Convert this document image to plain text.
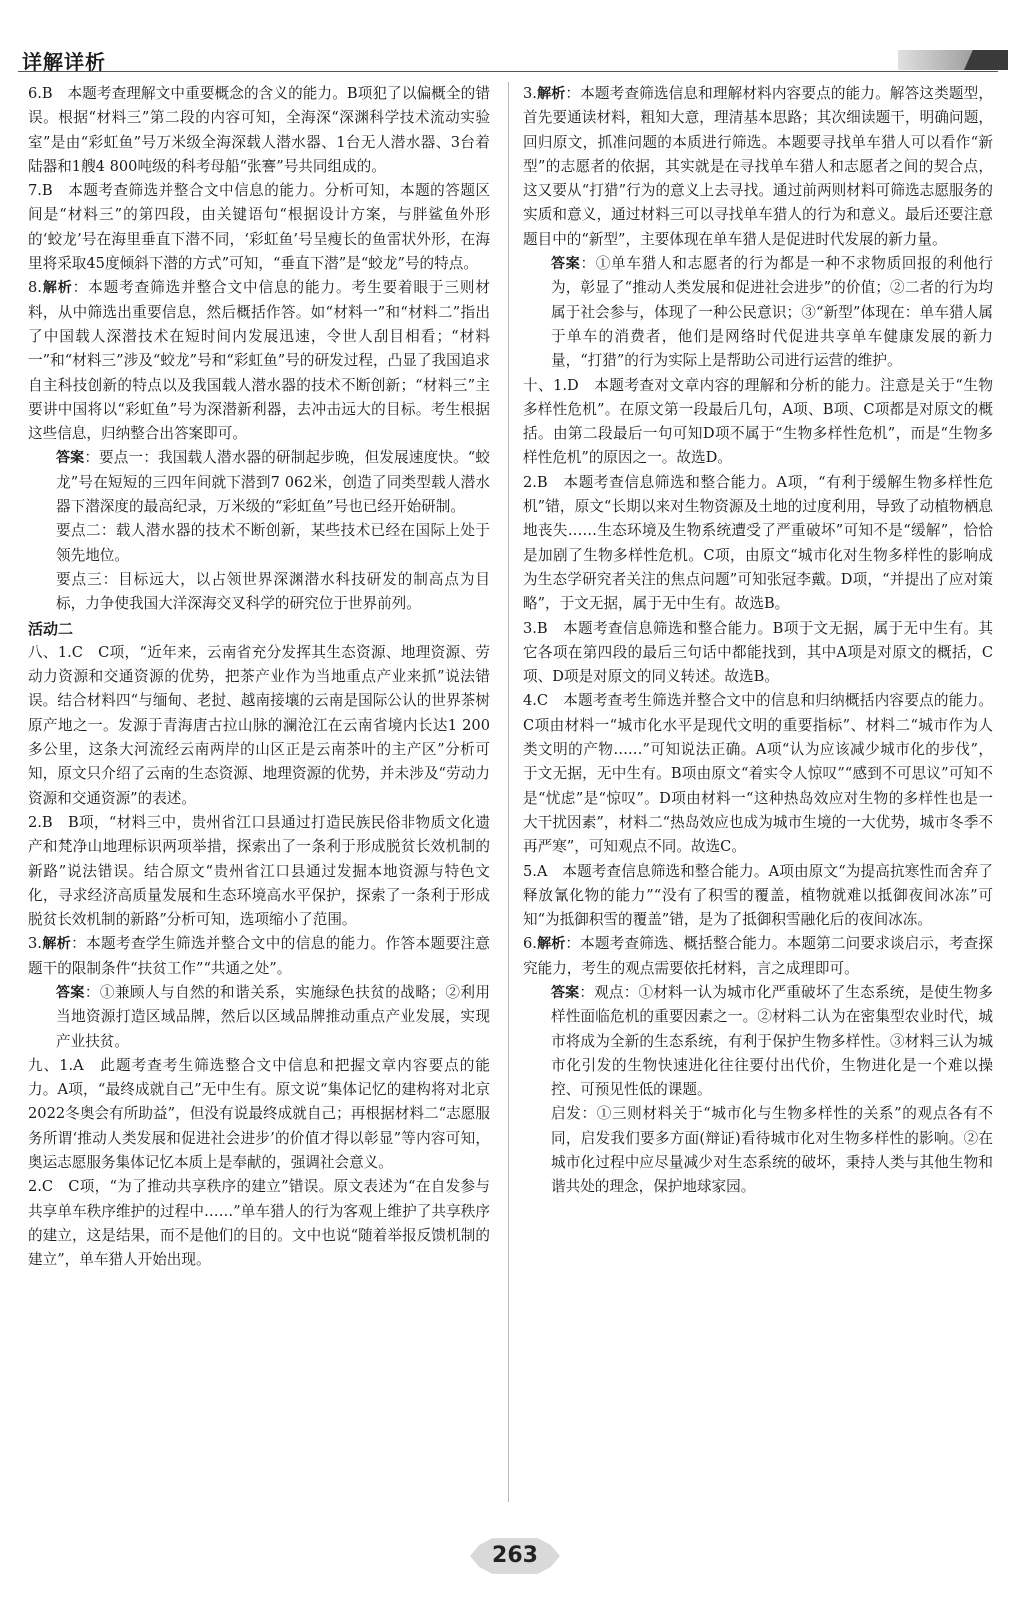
详解详析

6.B　本题考查理解文中重要概念的含义的能力。B项犯了以偏概全的错误。根据“材料三”第二段的内容可知，全海深“深渊科学技术流动实验室”是由“彩虹鱼”号万米级全海深载人潜水器、1台无人潜水器、3台着陆器和1艘4 800吨级的科考母船“张謇”号共同组成的。

7.B　本题考查筛选并整合文中信息的能力。分析可知，本题的答题区间是“材料三”的第四段，由关键语句“根据设计方案，与胖鲨鱼外形的‘蛟龙’号在海里垂直下潜不同，‘彩虹鱼’号呈瘦长的鱼雷状外形，在海里将采取45度倾斜下潜的方式”可知，“垂直下潜”是“蛟龙”号的特点。

8.解析：本题考查筛选并整合文中信息的能力。考生要着眼于三则材料，从中筛选出重要信息，然后概括作答。如“材料一”和“材料二”指出了中国载人深潜技术在短时间内发展迅速，令世人刮目相看；“材料一”和“材料三”涉及“蛟龙”号和“彩虹鱼”号的研发过程，凸显了我国追求自主科技创新的特点以及我国载人潜水器的技术不断创新；“材料三”主要讲中国将以“彩虹鱼”号为深潜新利器，去冲击远大的目标。考生根据这些信息，归纳整合出答案即可。

答案：要点一：我国载人潜水器的研制起步晚，但发展速度快。“蛟龙”号在短短的三四年间就下潜到7 062米，创造了同类型载人潜水器下潜深度的最高纪录，万米级的“彩虹鱼”号也已经开始研制。

要点二：载人潜水器的技术不断创新，某些技术已经在国际上处于领先地位。

要点三：目标远大，以占领世界深渊潜水科技研发的制高点为目标，力争使我国大洋深海交叉科学的研究位于世界前列。

活动二

八、1.C　C项，“近年来，云南省充分发挥其生态资源、地理资源、劳动力资源和交通资源的优势，把茶产业作为当地重点产业来抓”说法错误。结合材料四“与缅甸、老挝、越南接壤的云南是国际公认的世界茶树原产地之一。发源于青海唐古拉山脉的澜沧江在云南省境内长达1 200多公里，这条大河流经云南两岸的山区正是云南茶叶的主产区”分析可知，原文只介绍了云南的生态资源、地理资源的优势，并未涉及“劳动力资源和交通资源”的表述。

2.B　B项，“材料三中，贵州省江口县通过打造民族民俗非物质文化遗产和梵净山地理标识两项举措，探索出了一条利于形成脱贫长效机制的新路”说法错误。结合原文“贵州省江口县通过发掘本地资源与特色文化，寻求经济高质量发展和生态环境高水平保护，探索了一条利于形成脱贫长效机制的新路”分析可知，选项缩小了范围。

3.解析：本题考查学生筛选并整合文中的信息的能力。作答本题要注意题干的限制条件“扶贫工作”“共通之处”。

答案：①兼顾人与自然的和谐关系，实施绿色扶贫的战略；②利用当地资源打造区域品牌，然后以区域品牌推动重点产业发展，实现产业扶贫。

九、1.A　此题考查考生筛选整合文中信息和把握文章内容要点的能力。A项，“最终成就自己”无中生有。原文说“集体记忆的建构将对北京2022冬奥会有所助益”，但没有说最终成就自己；再根据材料二“志愿服务所谓‘推动人类发展和促进社会进步’的价值才得以彰显”等内容可知，奥运志愿服务集体记忆本质上是奉献的，强调社会意义。

2.C　C项，“为了推动共享秩序的建立”错误。原文表述为“在自发参与共享单车秩序维护的过程中……”单车猎人的行为客观上维护了共享秩序的建立，这是结果，而不是他们的目的。文中也说“随着举报反馈机制的建立”，单车猎人开始出现。

3.解析：本题考查筛选信息和理解材料内容要点的能力。解答这类题型，首先要通读材料，粗知大意，理清基本思路；其次细读题干，明确问题，回归原文，抓准问题的本质进行筛选。本题要寻找单车猎人可以看作“新型”的志愿者的依据，其实就是在寻找单车猎人和志愿者之间的契合点，这又要从“打猎”行为的意义上去寻找。通过前两则材料可筛选志愿服务的实质和意义，通过材料三可以寻找单车猎人的行为和意义。最后还要注意题目中的“新型”，主要体现在单车猎人是促进时代发展的新力量。

答案：①单车猎人和志愿者的行为都是一种不求物质回报的利他行为，彰显了“推动人类发展和促进社会进步”的价值；②二者的行为均属于社会参与，体现了一种公民意识；③“新型”体现在：单车猎人属于单车的消费者，他们是网络时代促进共享单车健康发展的新力量，“打猎”的行为实际上是帮助公司进行运营的维护。

十、1.D　本题考查对文章内容的理解和分析的能力。注意是关于“生物多样性危机”。在原文第一段最后几句，A项、B项、C项都是对原文的概括。由第二段最后一句可知D项不属于“生物多样性危机”，而是“生物多样性危机”的原因之一。故选D。

2.B　本题考查信息筛选和整合能力。A项，“有利于缓解生物多样性危机”错，原文“长期以来对生物资源及土地的过度利用，导致了动植物栖息地丧失……生态环境及生物系统遭受了严重破坏”可知不是“缓解”，恰恰是加剧了生物多样性危机。C项，由原文“城市化对生物多样性的影响成为生态学研究者关注的焦点问题”可知张冠李戴。D项，“并提出了应对策略”，于文无据，属于无中生有。故选B。

3.B　本题考查信息筛选和整合能力。B项于文无据，属于无中生有。其它各项在第四段的最后三句话中都能找到，其中A项是对原文的概括，C项、D项是对原文的同义转述。故选B。

4.C　本题考查考生筛选并整合文中的信息和归纳概括内容要点的能力。C项由材料一“城市化水平是现代文明的重要指标”、材料二“城市作为人类文明的产物……”可知说法正确。A项“认为应该减少城市化的步伐”，于文无据，无中生有。B项由原文“着实令人惊叹”“感到不可思议”可知不是“忧虑”是“惊叹”。D项由材料一“这种热岛效应对生物的多样性也是一大干扰因素”，材料二“热岛效应也成为城市生境的一大优势，城市冬季不再严寒”，可知观点不同。故选C。

5.A　本题考查信息筛选和整合能力。A项由原文“为提高抗寒性而舍弃了释放氰化物的能力”“没有了积雪的覆盖，植物就难以抵御夜间冰冻”可知“为抵御积雪的覆盖”错，是为了抵御积雪融化后的夜间冰冻。

6.解析：本题考查筛选、概括整合能力。本题第二问要求谈启示，考查探究能力，考生的观点需要依托材料，言之成理即可。

答案：观点：①材料一认为城市化严重破坏了生态系统，是使生物多样性面临危机的重要因素之一。②材料二认为在密集型农业时代，城市将成为全新的生态系统，有利于保护生物多样性。③材料三认为城市化引发的生物快速进化往往要付出代价，生物进化是一个难以操控、可预见性低的课题。

启发：①三则材料关于“城市化与生物多样性的关系”的观点各有不同，启发我们要多方面(辩证)看待城市化对生物多样性的影响。②在城市化过程中应尽量减少对生态系统的破坏，秉持人类与其他生物和谐共处的理念，保护地球家园。

263
